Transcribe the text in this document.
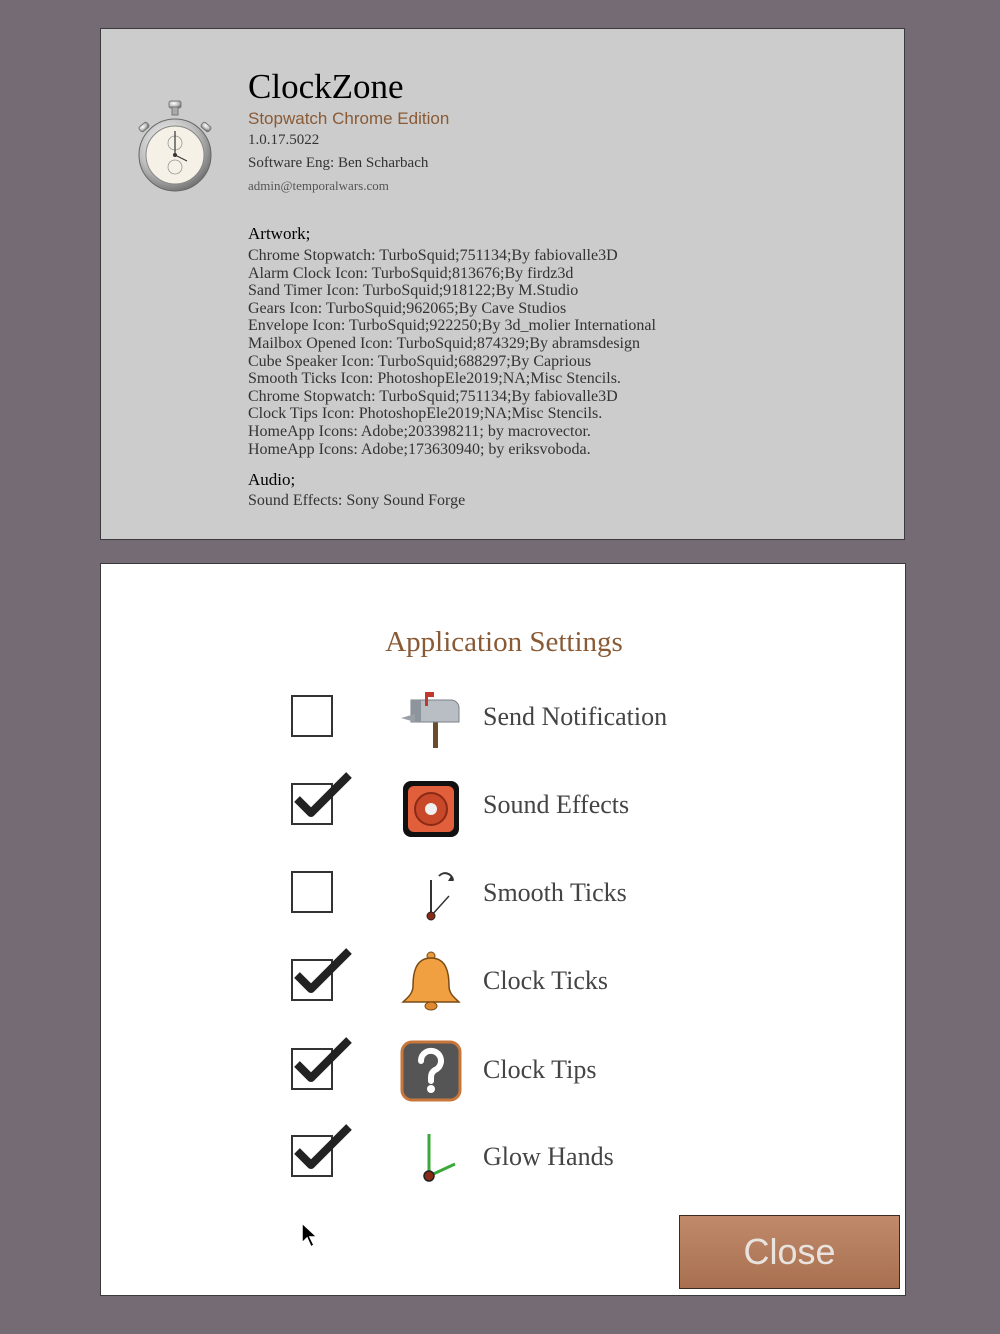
ClockZone
Stopwatch Chrome Edition
1.0.17.5022
Software Eng: Ben Scharbach
admin@temporalwars.com
Artwork;
Chrome Stopwatch: TurboSquid;751134;By fabiovalle3D
Alarm Clock Icon: TurboSquid;813676;By firdz3d
Sand Timer Icon: TurboSquid;918122;By M.Studio
Gears Icon: TurboSquid;962065;By Cave Studios
Envelope Icon: TurboSquid;922250;By 3d_molier International
Mailbox Opened Icon: TurboSquid;874329;By abramsdesign
Cube Speaker Icon: TurboSquid;688297;By Caprious
Smooth Ticks Icon: PhotoshopEle2019;NA;Misc Stencils.
Chrome Stopwatch: TurboSquid;751134;By fabiovalle3D
Clock Tips Icon: PhotoshopEle2019;NA;Misc Stencils.
HomeApp Icons: Adobe;203398211; by macrovector.
HomeApp Icons: Adobe;173630940; by eriksvoboda.
Audio;
Sound Effects: Sony Sound Forge
Application Settings
Send Notification
Sound Effects
Smooth Ticks
Clock Ticks
Clock Tips
Glow Hands
Close
